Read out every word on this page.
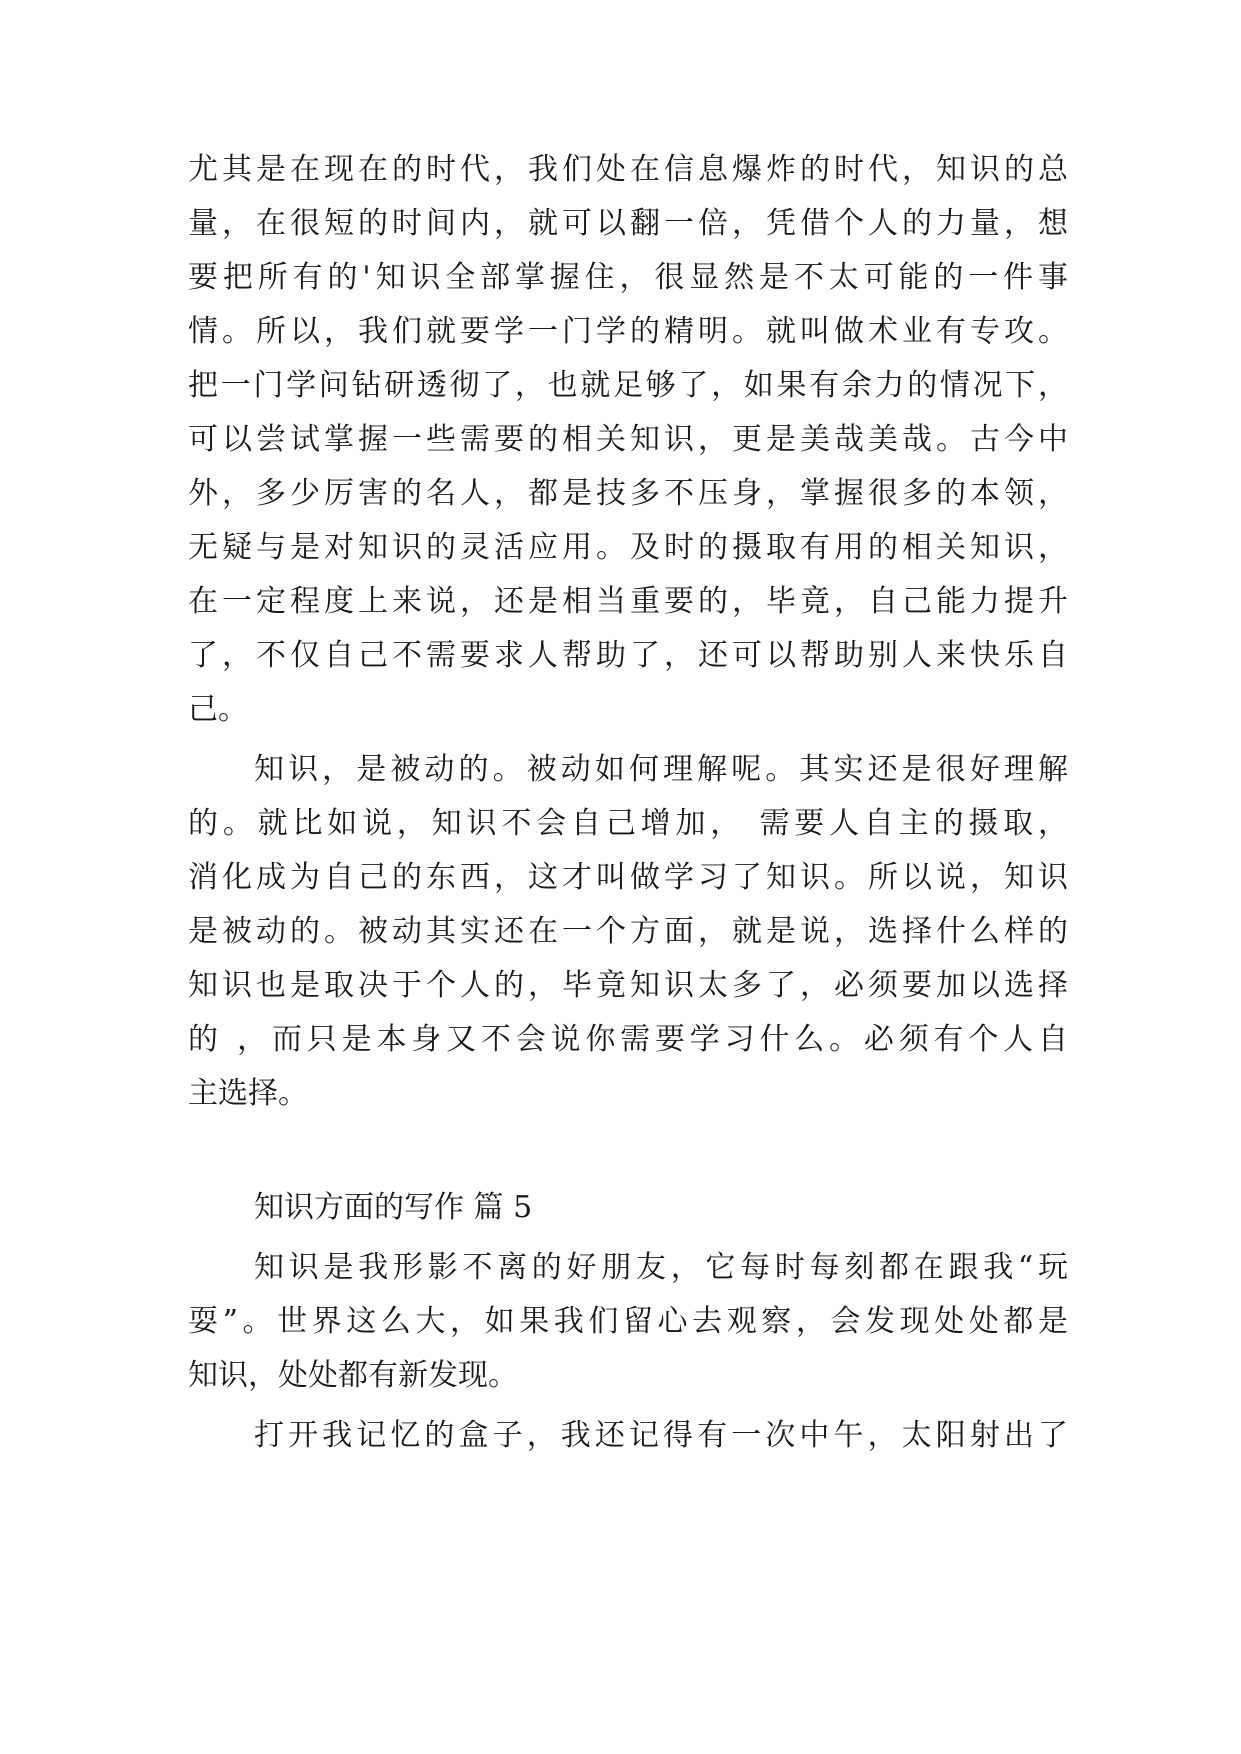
尤其是在现在的时代，我们处在信息爆炸的时代，知识的总
量，在很短的时间内，就可以翻一倍，凭借个人的力量，想
要把所有的'知识全部掌握住，很显然是不太可能的一件事
情。所以，我们就要学一门学的精明。就叫做术业有专攻。
把一门学问钻研透彻了，也就足够了，如果有余力的情况下，
可以尝试掌握一些需要的相关知识，更是美哉美哉。古今中
外，多少厉害的名人，都是技多不压身，掌握很多的本领，
无疑与是对知识的灵活应用。及时的摄取有用的相关知识，
在一定程度上来说，还是相当重要的，毕竟，自己能力提升
了，不仅自己不需要求人帮助了，还可以帮助别人来快乐自
己。
知识，是被动的。被动如何理解呢。其实还是很好理解
的。就比如说，知识不会自己增加， 需要人自主的摄取，
消化成为自己的东西，这才叫做学习了知识。所以说，知识
是被动的。被动其实还在一个方面，就是说，选择什么样的
知识也是取决于个人的，毕竟知识太多了，必须要加以选择
的 ，而只是本身又不会说你需要学习什么。必须有个人自
主选择。
知识方面的写作 篇 5
知识是我形影不离的好朋友，它每时每刻都在跟我“玩
耍”。世界这么大，如果我们留心去观察，会发现处处都是
知识，处处都有新发现。
打开我记忆的盒子，我还记得有一次中午，太阳射出了
